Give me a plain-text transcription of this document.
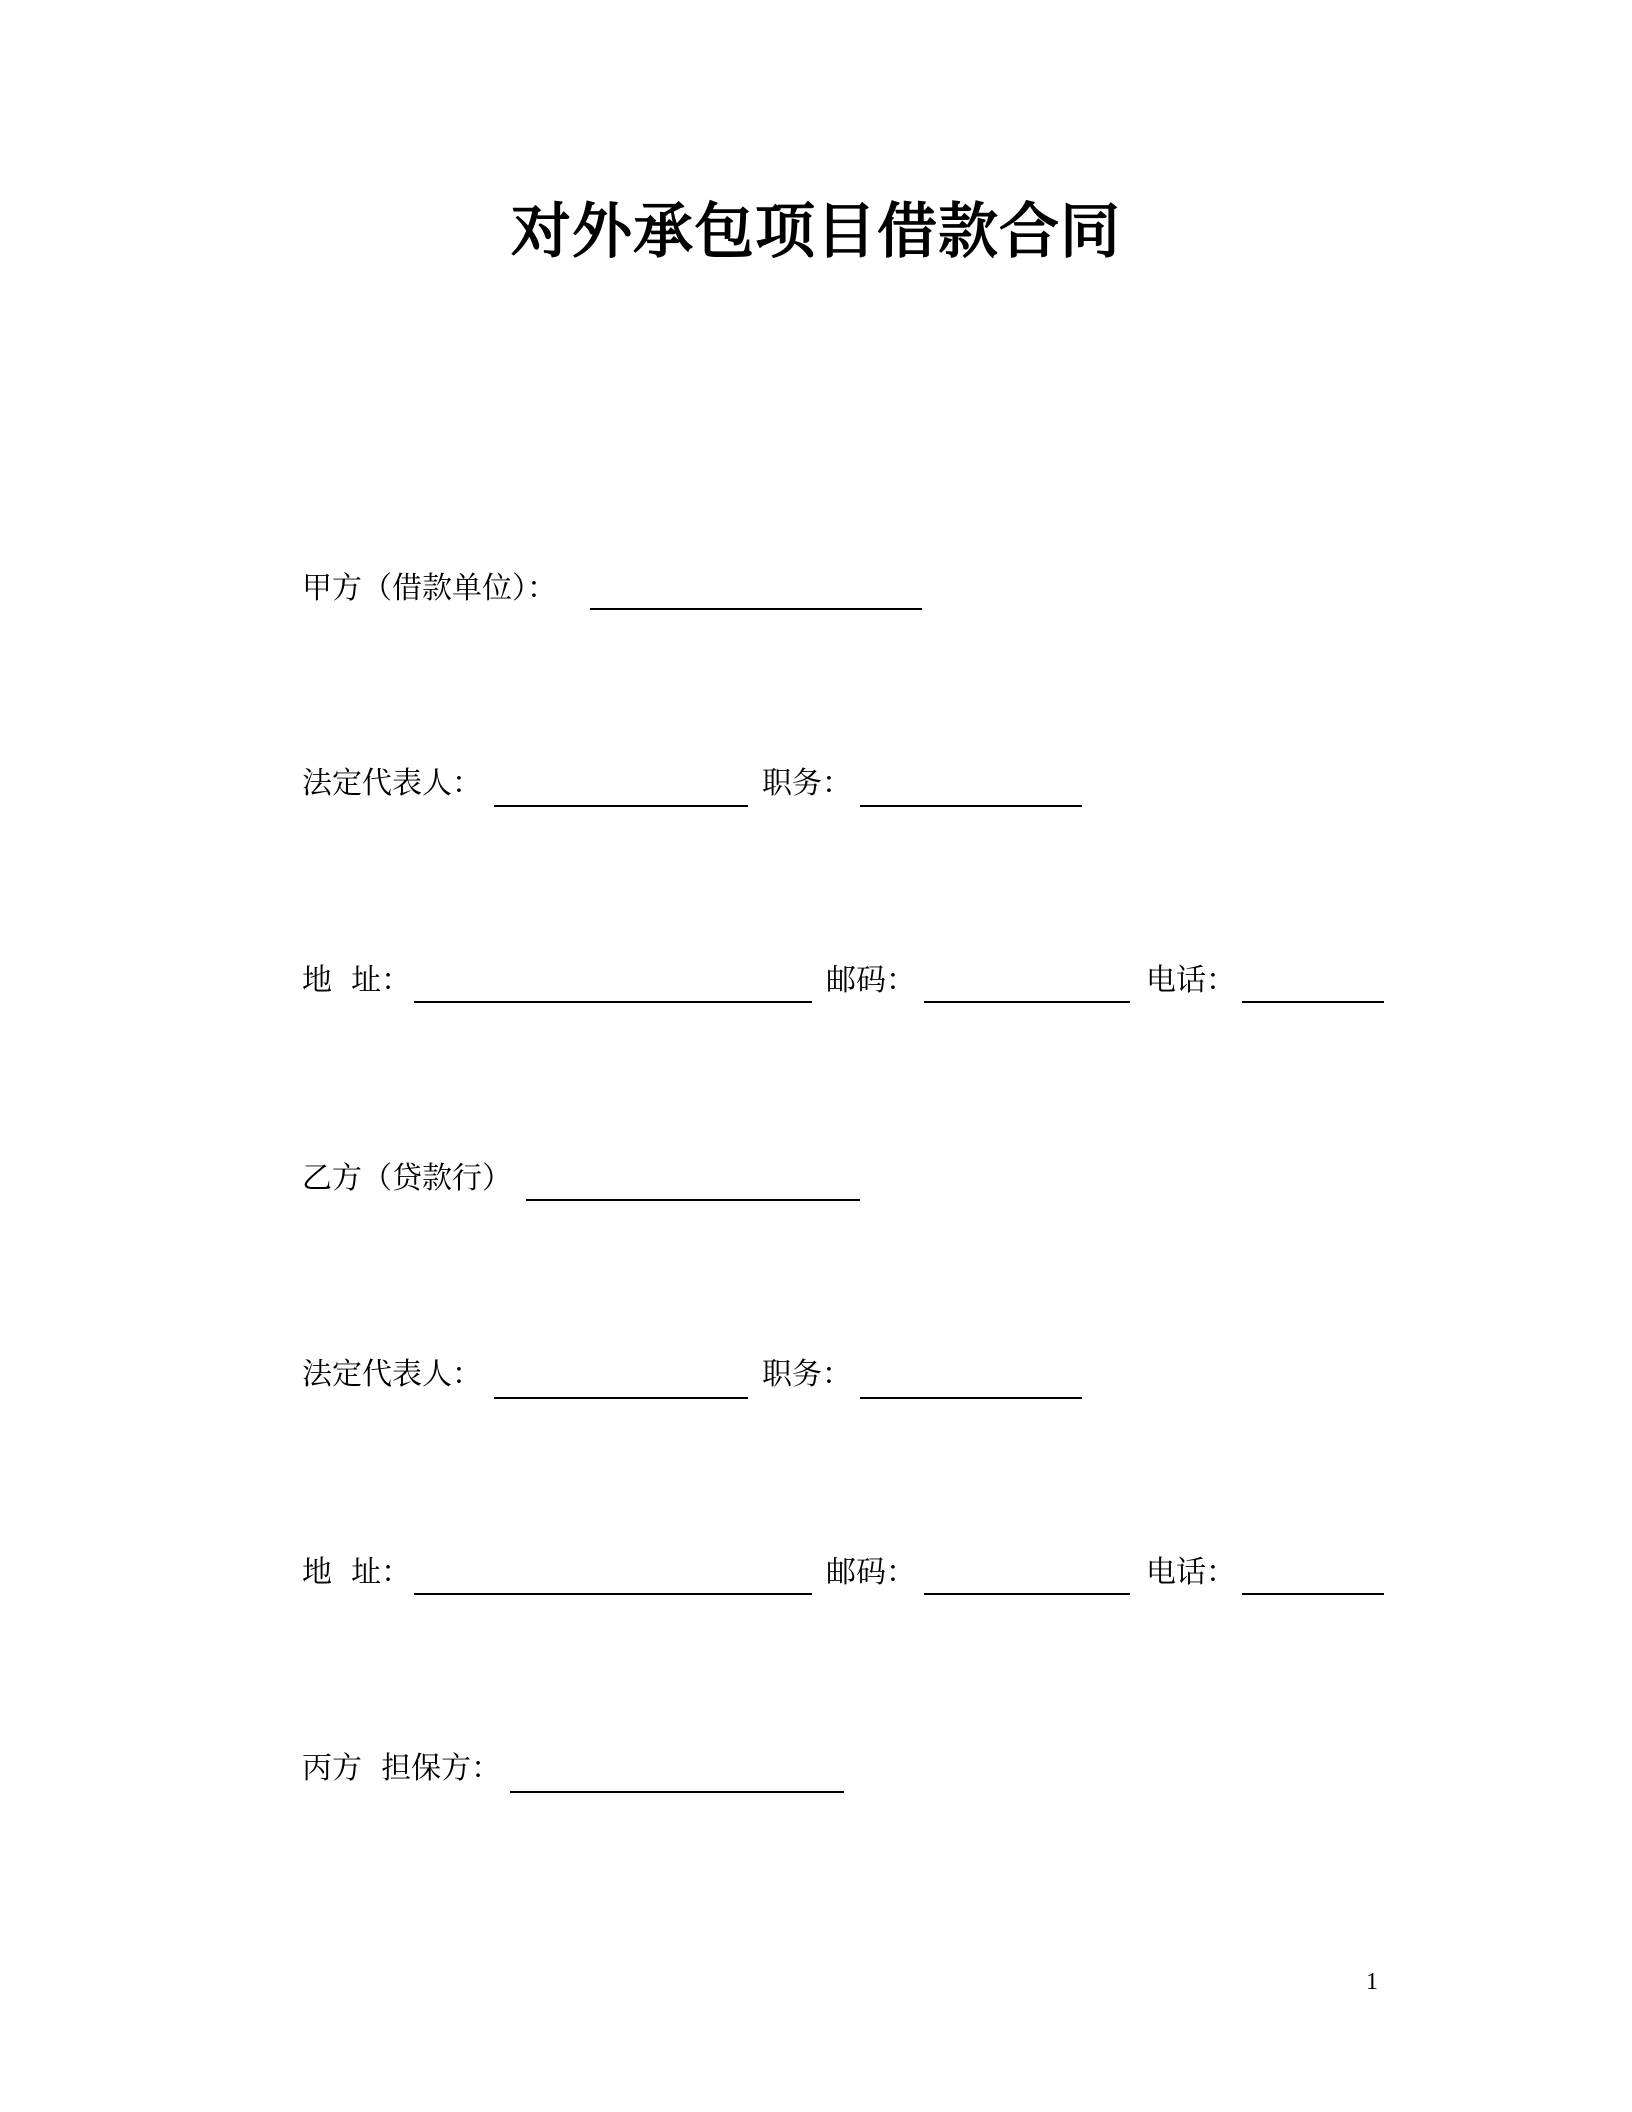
对外承包项目借款合同
甲方（借款单位）：
法定代表人：	职务：
地  址：	邮码：	电话：
乙方（贷款行）
法定代表人：	职务：
地  址：	邮码：	电话：
丙方  担保方：
1
